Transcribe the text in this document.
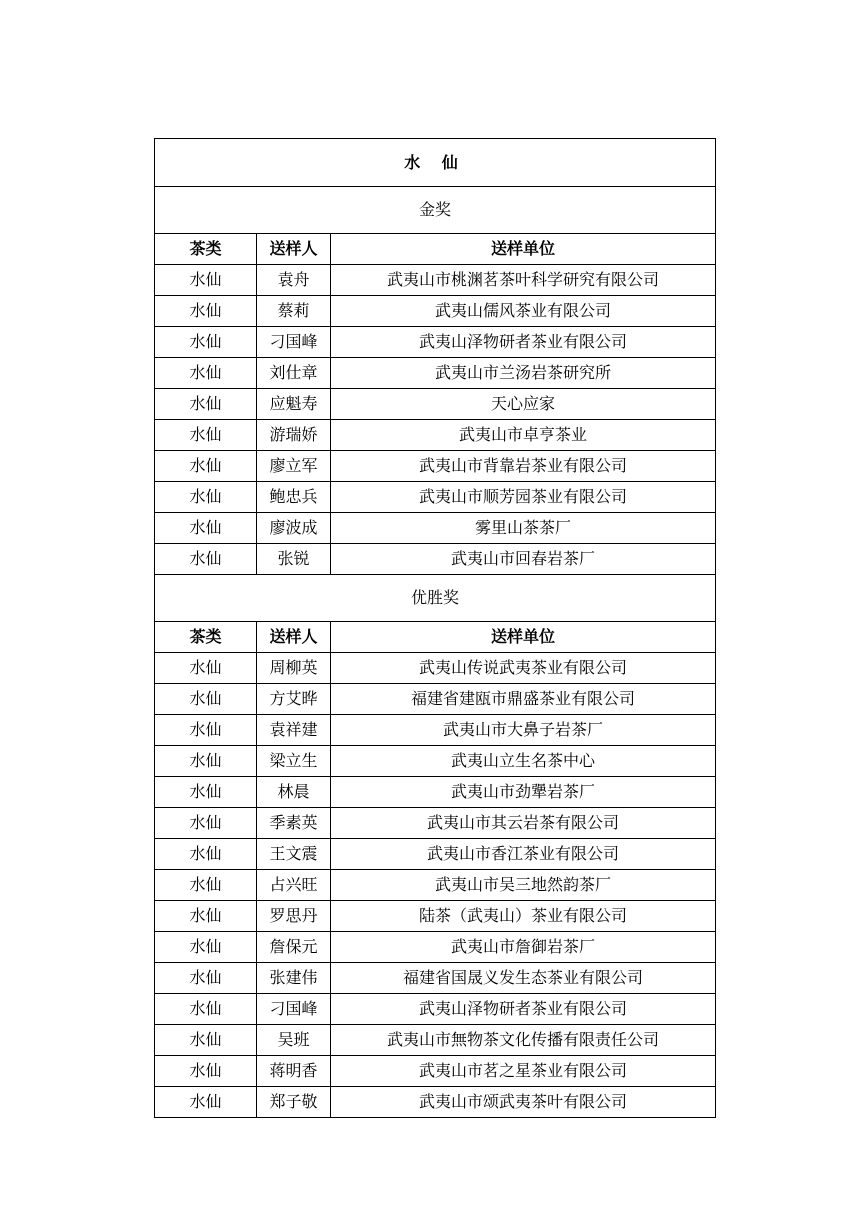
水 仙		
金奖		
茶类	送样人	送样单位
水仙	袁舟	武夷山市桃渊茗茶叶科学研究有限公司
水仙	蔡莉	武夷山儒风茶业有限公司
水仙	刁国峰	武夷山泽物研者茶业有限公司
水仙	刘仕章	武夷山市兰汤岩茶研究所
水仙	应魁寿	天心应家
水仙	游瑞娇	武夷山市卓亨茶业
水仙	廖立军	武夷山市背靠岩茶业有限公司
水仙	鲍忠兵	武夷山市顺芳园茶业有限公司
水仙	廖波成	雾里山茶茶厂
水仙	张锐	武夷山市回春岩茶厂
优胜奖		
茶类	送样人	送样单位
水仙	周柳英	武夷山传说武夷茶业有限公司
水仙	方艾晔	福建省建瓯市鼎盛茶业有限公司
水仙	袁祥建	武夷山市大鼻子岩茶厂
水仙	梁立生	武夷山立生名茶中心
水仙	林晨	武夷山市劲犟岩茶厂
水仙	季素英	武夷山市其云岩茶有限公司
水仙	王文震	武夷山市香江茶业有限公司
水仙	占兴旺	武夷山市吴三地然韵茶厂
水仙	罗思丹	陆茶（武夷山）茶业有限公司
水仙	詹保元	武夷山市詹御岩茶厂
水仙	张建伟	福建省国晟义发生态茶业有限公司
水仙	刁国峰	武夷山泽物研者茶业有限公司
水仙	吴班	武夷山市無物茶文化传播有限责任公司
水仙	蒋明香	武夷山市茗之星茶业有限公司
水仙	郑子敬	武夷山市颂武夷茶叶有限公司
